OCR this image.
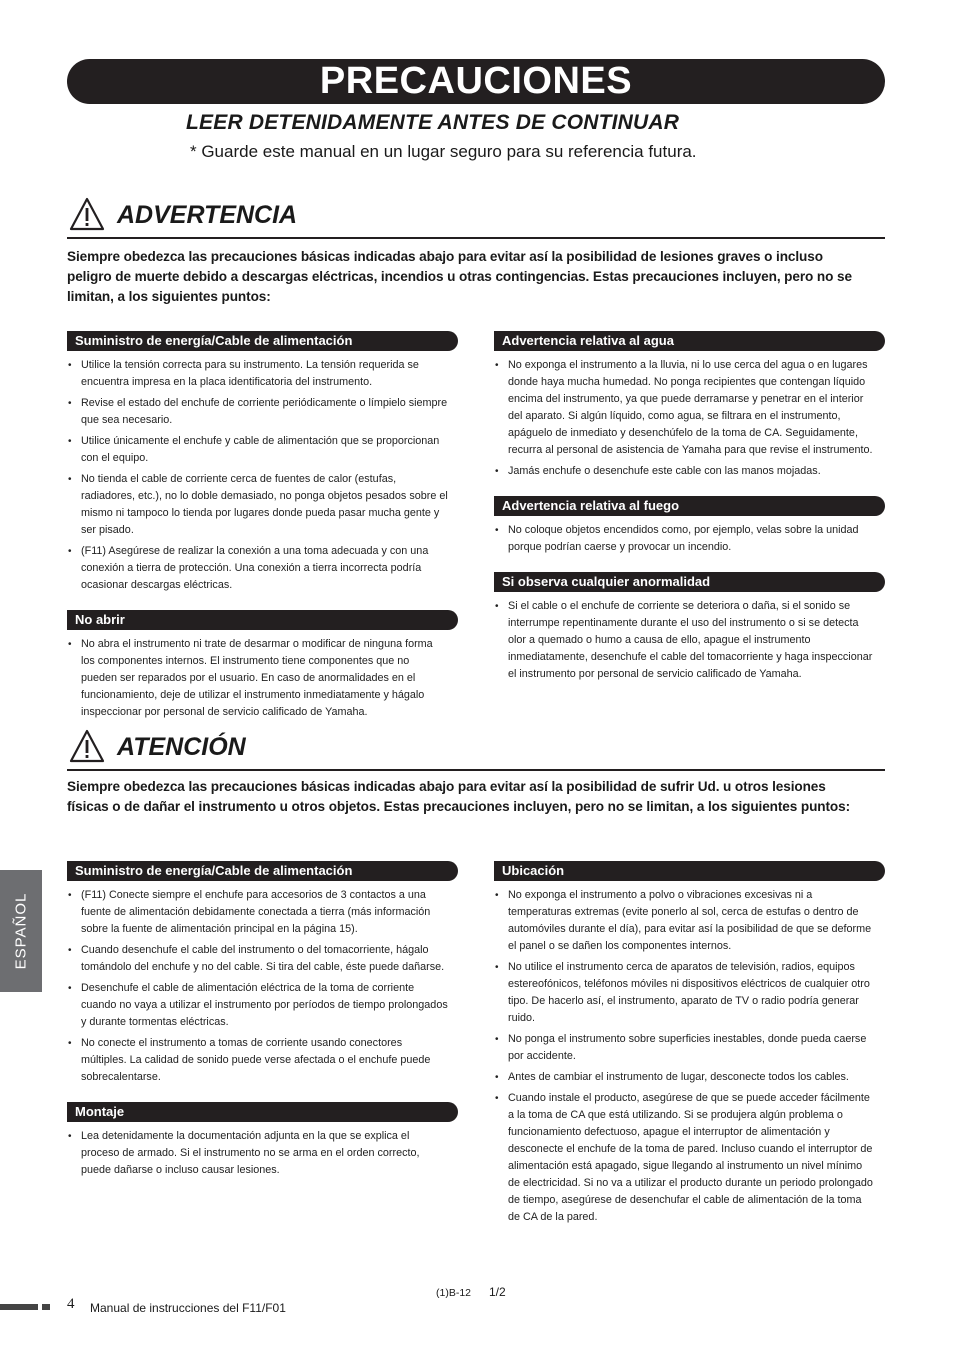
PRECAUCIONES
LEER DETENIDAMENTE ANTES DE CONTINUAR
* Guarde este manual en un lugar seguro para su referencia futura.
ADVERTENCIA
Siempre obedezca las precauciones básicas indicadas abajo para evitar así la posibilidad de lesiones graves o incluso peligro de muerte debido a descargas eléctricas, incendios u otras contingencias. Estas precauciones incluyen, pero no se limitan, a los siguientes puntos:
Suministro de energía/Cable de alimentación
• Utilice la tensión correcta para su instrumento. La tensión requerida se encuentra impresa en la placa identificatoria del instrumento.
• Revise el estado del enchufe de corriente periódicamente o límpielo siempre que sea necesario.
• Utilice únicamente el enchufe y cable de alimentación que se proporcionan con el equipo.
• No tienda el cable de corriente cerca de fuentes de calor (estufas, radiadores, etc.), no lo doble demasiado, no ponga objetos pesados sobre el mismo ni tampoco lo tienda por lugares donde pueda pasar mucha gente y ser pisado.
• (F11) Asegúrese de realizar la conexión a una toma adecuada y con una conexión a tierra de protección. Una conexión a tierra incorrecta podría ocasionar descargas eléctricas.
No abrir
• No abra el instrumento ni trate de desarmar o modificar de ninguna forma los componentes internos. El instrumento tiene componentes que no pueden ser reparados por el usuario. En caso de anormalidades en el funcionamiento, deje de utilizar el instrumento inmediatamente y hágalo inspeccionar por personal de servicio calificado de Yamaha.
Advertencia relativa al agua
• No exponga el instrumento a la lluvia, ni lo use cerca del agua o en lugares donde haya mucha humedad. No ponga recipientes que contengan líquido encima del instrumento, ya que puede derramarse y penetrar en el interior del aparato. Si algún líquido, como agua, se filtrara en el instrumento, apáguelo de inmediato y desenchúfelo de la toma de CA. Seguidamente, recurra al personal de asistencia de Yamaha para que revise el instrumento.
• Jamás enchufe o desenchufe este cable con las manos mojadas.
Advertencia relativa al fuego
• No coloque objetos encendidos como, por ejemplo, velas sobre la unidad porque podrían caerse y provocar un incendio.
Si observa cualquier anormalidad
• Si el cable o el enchufe de corriente se deteriora o daña, si el sonido se interrumpe repentinamente durante el uso del instrumento o si se detecta olor a quemado o humo a causa de ello, apague el instrumento inmediatamente, desenchufe el cable del tomacorriente y haga inspeccionar el instrumento por personal de servicio calificado de Yamaha.
ATENCIÓN
Siempre obedezca las precauciones básicas indicadas abajo para evitar así la posibilidad de sufrir Ud. u otros lesiones físicas o de dañar el instrumento u otros objetos. Estas precauciones incluyen, pero no se limitan, a los siguientes puntos:
Suministro de energía/Cable de alimentación
• (F11) Conecte siempre el enchufe para accesorios de 3 contactos a una fuente de alimentación debidamente conectada a tierra (más información sobre la fuente de alimentación principal en la página 15).
• Cuando desenchufe el cable del instrumento o del tomacorriente, hágalo tomándolo del enchufe y no del cable. Si tira del cable, éste puede dañarse.
• Desenchufe el cable de alimentación eléctrica de la toma de corriente cuando no vaya a utilizar el instrumento por períodos de tiempo prolongados y durante tormentas eléctricas.
• No conecte el instrumento a tomas de corriente usando conectores múltiples. La calidad de sonido puede verse afectada o el enchufe puede sobrecalentarse.
Montaje
• Lea detenidamente la documentación adjunta en la que se explica el proceso de armado. Si el instrumento no se arma en el orden correcto, puede dañarse o incluso causar lesiones.
Ubicación
• No exponga el instrumento a polvo o vibraciones excesivas ni a temperaturas extremas (evite ponerlo al sol, cerca de estufas o dentro de automóviles durante el día), para evitar así la posibilidad de que se deforme el panel o se dañen los componentes internos.
• No utilice el instrumento cerca de aparatos de televisión, radios, equipos estereofónicos, teléfonos móviles ni dispositivos eléctricos de cualquier otro tipo. De hacerlo así, el instrumento, aparato de TV o radio podría generar ruido.
• No ponga el instrumento sobre superficies inestables, donde pueda caerse por accidente.
• Antes de cambiar el instrumento de lugar, desconecte todos los cables.
• Cuando instale el producto, asegúrese de que se puede acceder fácilmente a la toma de CA que está utilizando. Si se produjera algún problema o funcionamiento defectuoso, apague el interruptor de alimentación y desconecte el enchufe de la toma de pared. Incluso cuando el interruptor de alimentación está apagado, sigue llegando al instrumento un nivel mínimo de electricidad. Si no va a utilizar el producto durante un periodo prolongado de tiempo, asegúrese de desenchufar el cable de alimentación de la toma de CA de la pared.
ESPAÑOL
4 Manual de instrucciones del F11/F01
(1)B-12 1/2
